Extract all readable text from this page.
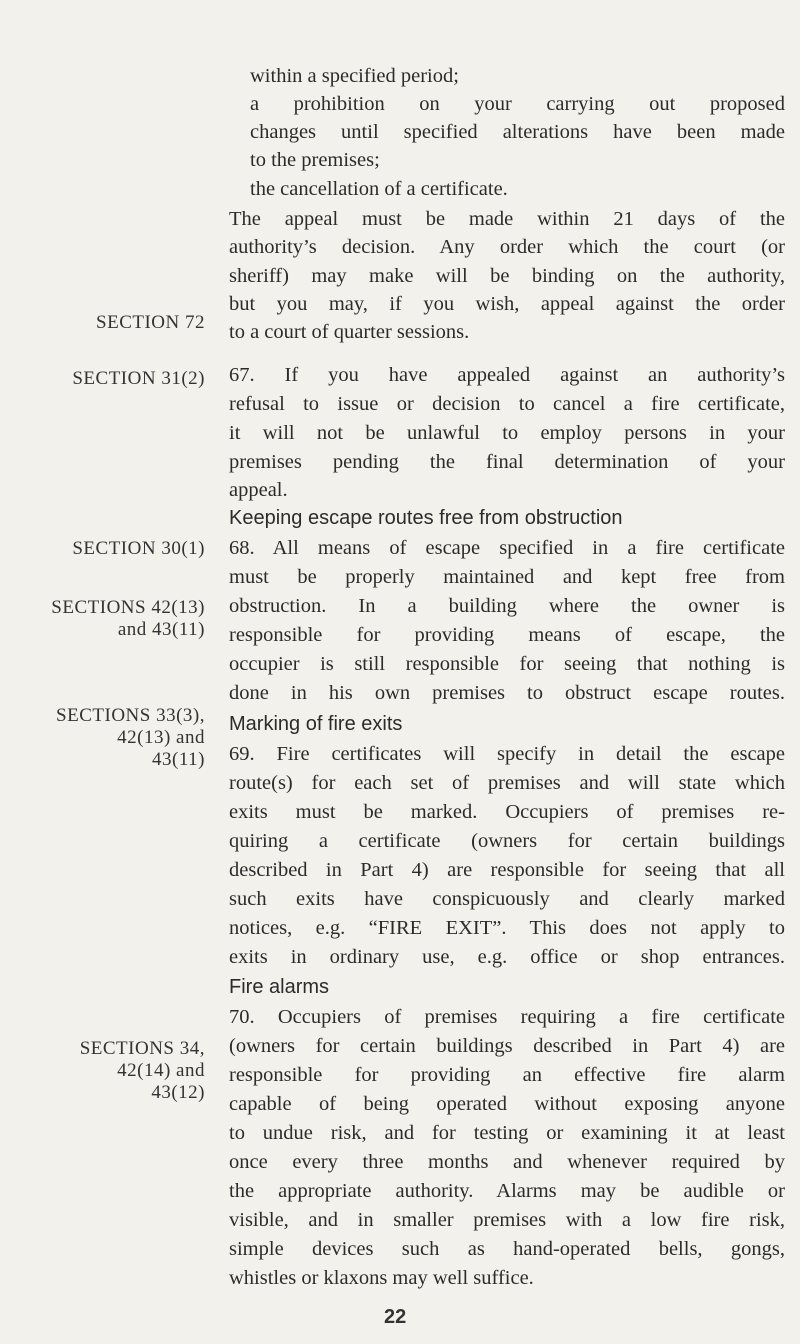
SECTION 72
SECTION 31(2)
SECTION 30(1)
SECTIONS 42(13)
and 43(11)
SECTIONS 33(3),
42(13) and
43(11)
SECTIONS 34,
42(14) and
43(12)
within a specified period;
a prohibition on your carrying out proposed
changes until specified alterations have been made
to the premises;
the cancellation of a certificate.
The appeal must be made within 21 days of the
authority’s decision. Any order which the court (or
sheriff) may make will be binding on the authority,
but you may, if you wish, appeal against the order
to a court of quarter sessions.
67. If you have appealed against an authority’s
refusal to issue or decision to cancel a fire certificate,
it will not be unlawful to employ persons in your
premises pending the final determination of your
appeal.
Keeping escape routes free from obstruction
68. All means of escape specified in a fire certificate
must be properly maintained and kept free from
obstruction. In a building where the owner is
responsible for providing means of escape, the
occupier is still responsible for seeing that nothing is
done in his own premises to obstruct escape routes.
Marking of fire exits
69. Fire certificates will specify in detail the escape
route(s) for each set of premises and will state which
exits must be marked. Occupiers of premises re-
quiring a certificate (owners for certain buildings
described in Part 4) are responsible for seeing that all
such exits have conspicuously and clearly marked
notices, e.g. “FIRE EXIT”. This does not apply to
exits in ordinary use, e.g. office or shop entrances.
Fire alarms
70. Occupiers of premises requiring a fire certificate
(owners for certain buildings described in Part 4) are
responsible for providing an effective fire alarm
capable of being operated without exposing anyone
to undue risk, and for testing or examining it at least
once every three months and whenever required by
the appropriate authority. Alarms may be audible or
visible, and in smaller premises with a low fire risk,
simple devices such as hand-operated bells, gongs,
whistles or klaxons may well suffice.
22
